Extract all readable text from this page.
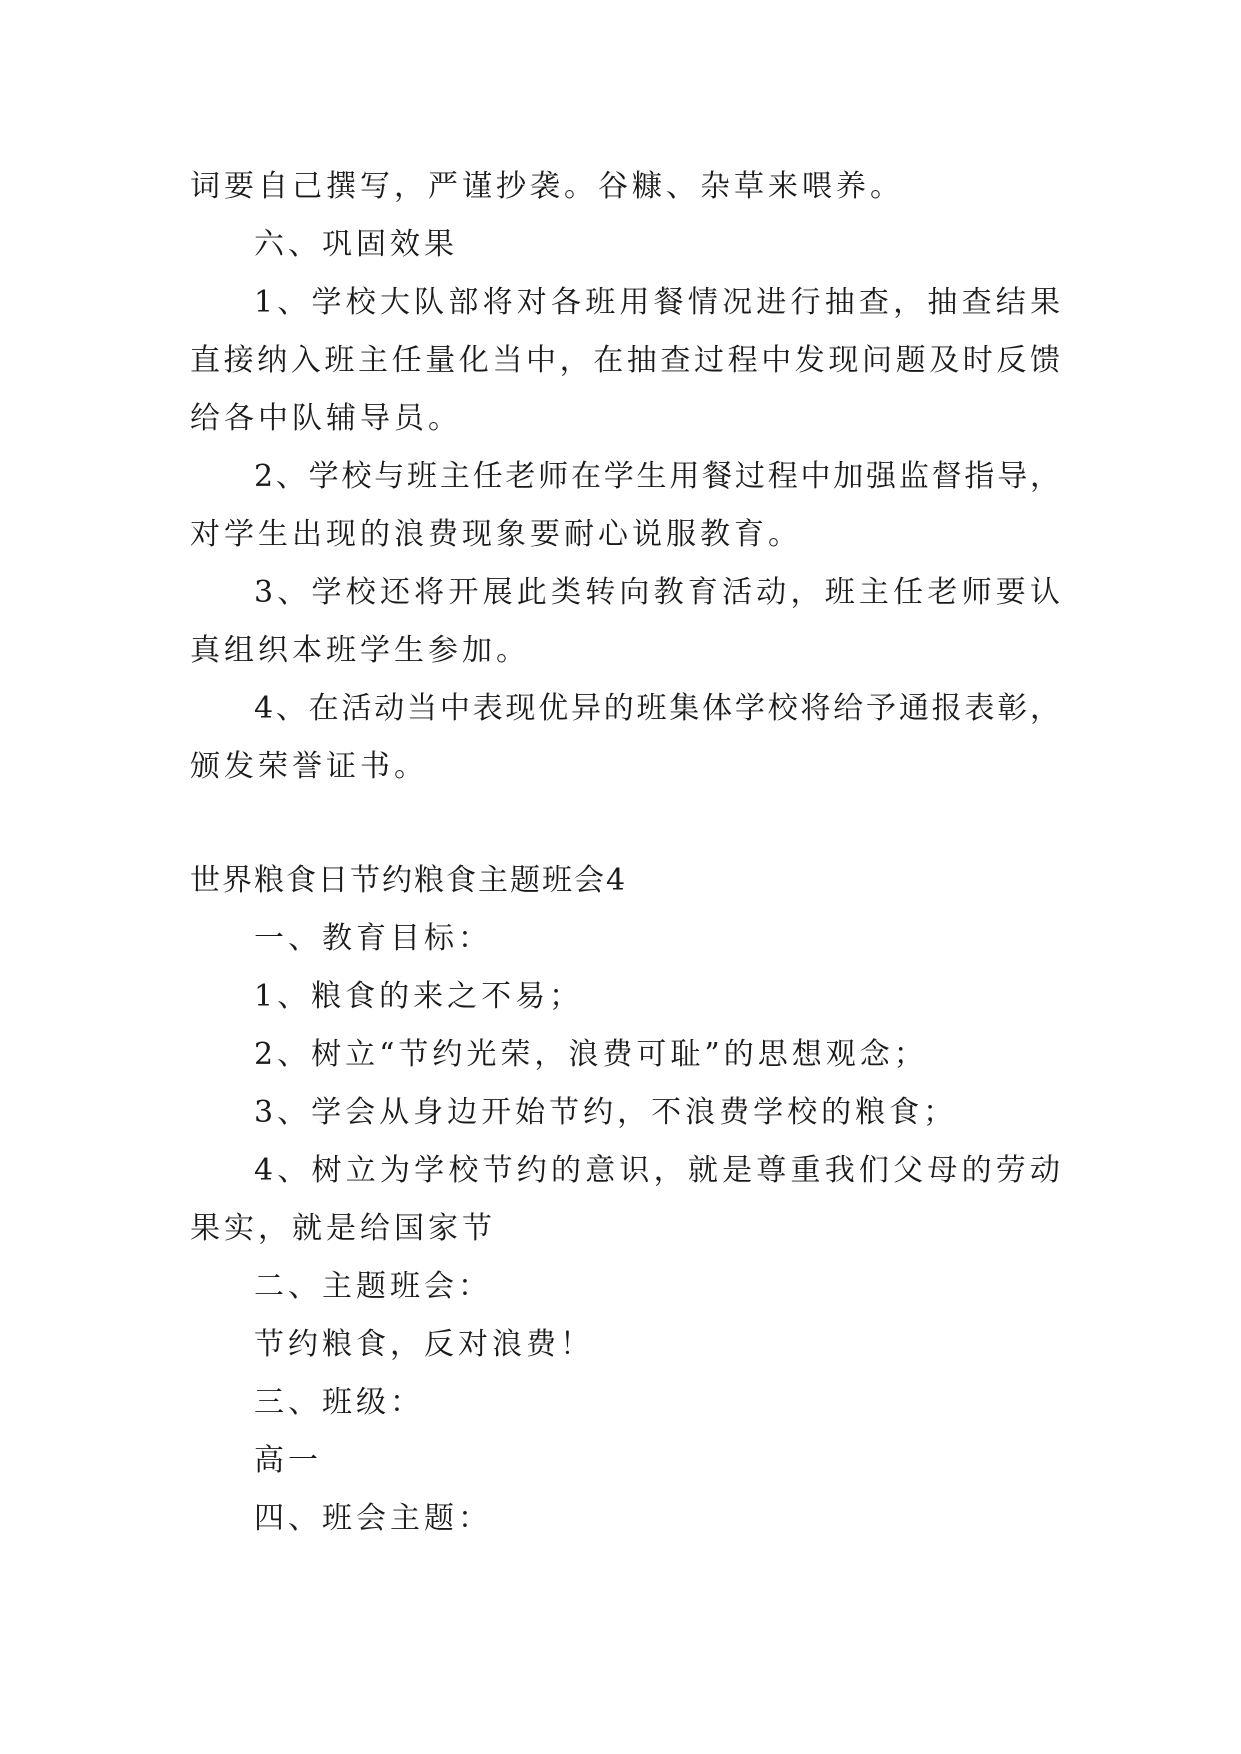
词要自己撰写，严谨抄袭。谷糠、杂草来喂养。

六、巩固效果

1、学校大队部将对各班用餐情况进行抽查，抽查结果

直接纳入班主任量化当中，在抽查过程中发现问题及时反馈

给各中队辅导员。

2、学校与班主任老师在学生用餐过程中加强监督指导，

对学生出现的浪费现象要耐心说服教育。

3、学校还将开展此类转向教育活动，班主任老师要认

真组织本班学生参加。

4、在活动当中表现优异的班集体学校将给予通报表彰，

颁发荣誉证书。

世界粮食日节约粮食主题班会4

一、教育目标：

1、粮食的来之不易；

2、树立“节约光荣，浪费可耻”的思想观念；

3、学会从身边开始节约，不浪费学校的粮食；

4、树立为学校节约的意识，就是尊重我们父母的劳动

果实，就是给国家节

二、主题班会：

节约粮食，反对浪费！

三、班级：

高一

四、班会主题：
